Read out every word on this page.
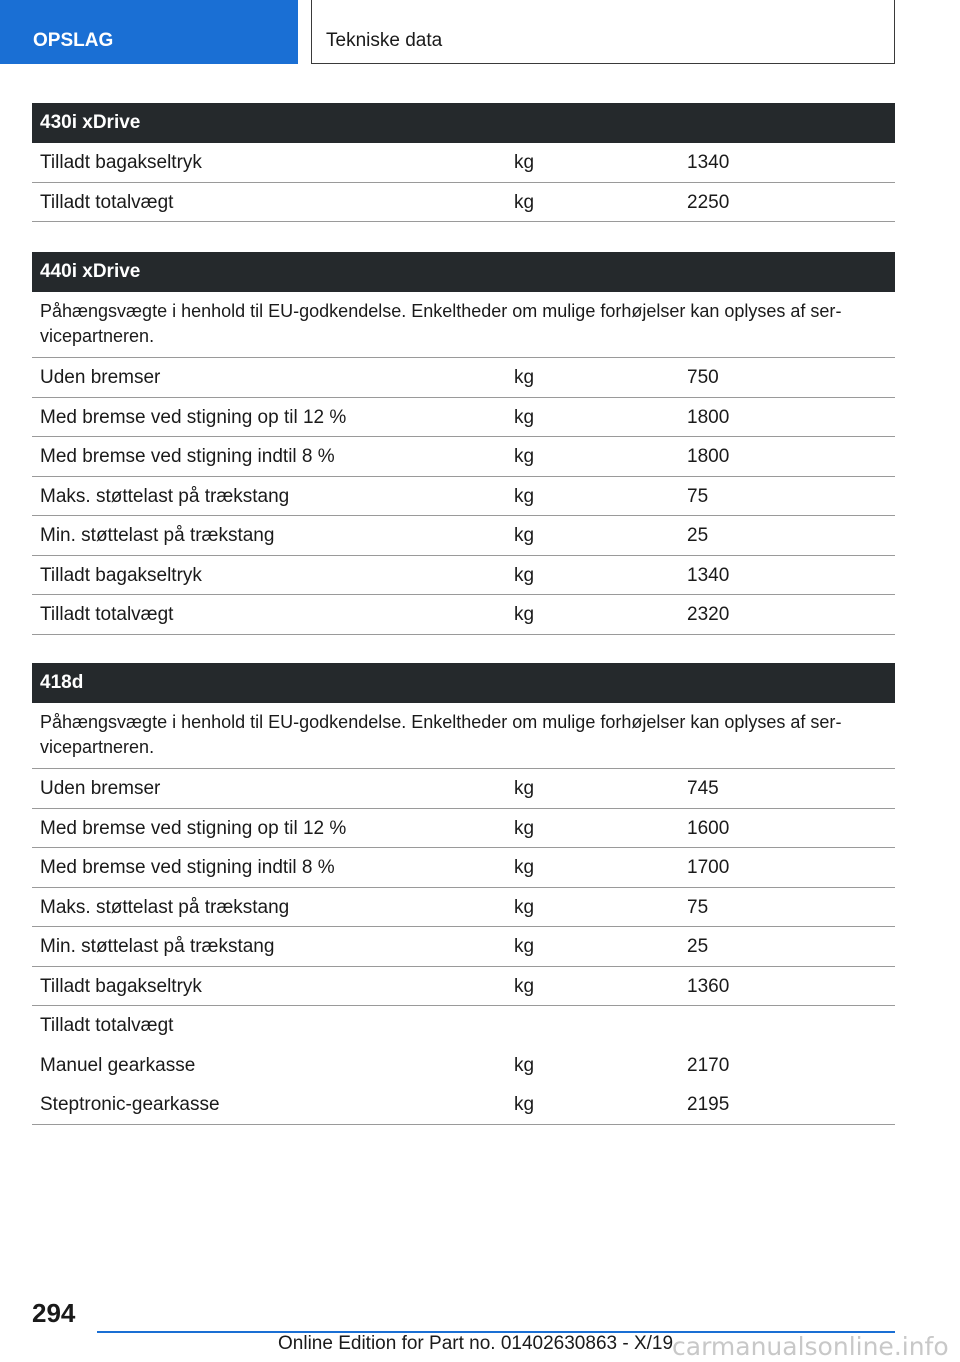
OPSLAG	Tekniske data
430i xDrive
Tilladt bagakseltryk	kg	1340
Tilladt totalvægt	kg	2250
440i xDrive
Påhængsvægte i henhold til EU-godkendelse. Enkeltheder om mulige forhøjelser kan oplyses af servicepartneren.
Uden bremser	kg	750
Med bremse ved stigning op til 12 %	kg	1800
Med bremse ved stigning indtil 8 %	kg	1800
Maks. støttelast på trækstang	kg	75
Min. støttelast på trækstang	kg	25
Tilladt bagakseltryk	kg	1340
Tilladt totalvægt	kg	2320
418d
Påhængsvægte i henhold til EU-godkendelse. Enkeltheder om mulige forhøjelser kan oplyses af servicepartneren.
Uden bremser	kg	745
Med bremse ved stigning op til 12 %	kg	1600
Med bremse ved stigning indtil 8 %	kg	1700
Maks. støttelast på trækstang	kg	75
Min. støttelast på trækstang	kg	25
Tilladt bagakseltryk	kg	1360
Tilladt totalvægt
Manuel gearkasse	kg	2170
Steptronic-gearkasse	kg	2195
294
Online Edition for Part no. 01402630863 - X/19
carmanualsonline.info
